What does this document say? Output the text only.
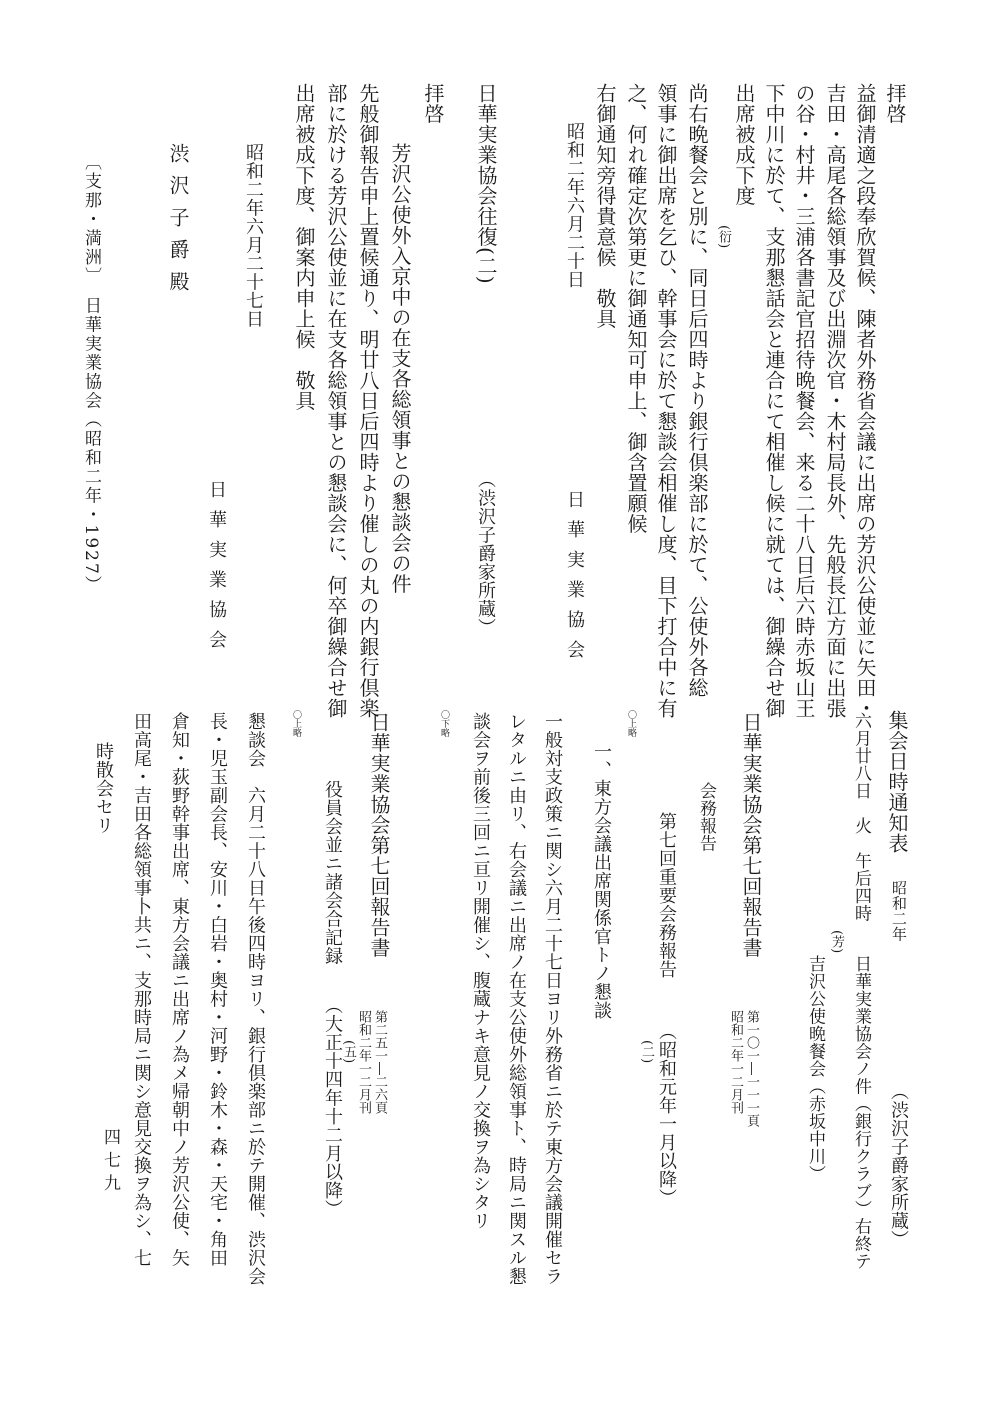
拝啓
益御清適之段奉欣賀候、陳者外務省会議に出席の芳沢公使並に矢田・
吉田・高尾各総領事及び出淵次官・木村局長外、先般長江方面に出張
の谷・村井・三浦各書記官招待晩餐会、来る二十八日后六時赤坂山王
下中川に於て、支那懇話会と連合にて相催し候に就ては、御繰合せ御
出席被成下度
(衍)
尚右晩餐会と別に、同日后四時より銀行倶楽部に於て、公使外各総
領事に御出席を乞ひ、幹事会に於て懇談会相催し度、目下打合中に有
之、何れ確定次第更に御通知可申上、御含置願候
右御通知旁得貴意候　敬具
昭和二年六月二十日
日華実業協会
日華実業協会往復(二)
（渋沢子爵家所蔵）
拝啓
芳沢公使外入京中の在支各総領事との懇談会の件
先般御報告申上置候通り、明廿八日后四時より催しの丸の内銀行倶楽
部に於ける芳沢公使並に在支各総領事との懇談会に、何卒御繰合せ御
出席被成下度、御案内申上候　敬具
昭和二年六月二十七日
日華実業協会
渋沢子爵殿
〔支那・満洲〕　日華実業協会（昭和二年・1927）
集会日時通知表
昭和二年
（渋沢子爵家所蔵）
六月廿八日　火　午后四時
日華実業協会ノ件（銀行クラブ）右終テ
(芳)
吉沢公使晩餐会（赤坂中川）
日華実業協会第七回報告書
第一〇一―一一一頁
昭和二年一二月刊
会務報告
第七回重要会務報告
(二) （昭和元年一月以降）
〇上略
一、東方会議出席関係官トノ懇談
一般対支政策ニ関シ六月二十七日ヨリ外務省ニ於テ東方会議開催セラ
レタルニ由リ、右会議ニ出席ノ在支公使外総領事ト、時局ニ関スル懇
談会ヲ前後三回ニ亘リ開催シ、腹蔵ナキ意見ノ交換ヲ為シタリ
〇下略
日華実業協会第七回報告書
第二五一―二六頁
昭和二年一二月刊
役員会並ニ諸会合記録
(五)
（大正十四年十二月以降）
〇上略
懇談会　六月二十八日午後四時ヨリ、銀行倶楽部ニ於テ開催、渋沢会
長・児玉副会長、安川・白岩・奥村・河野・鈴木・森・天宅・角田
倉知・荻野幹事出席、東方会議ニ出席ノ為メ帰朝中ノ芳沢公使、矢
田高尾・吉田各総領事卜共ニ、支那時局ニ関シ意見交換ヲ為シ、七
時散会セリ
四七九
